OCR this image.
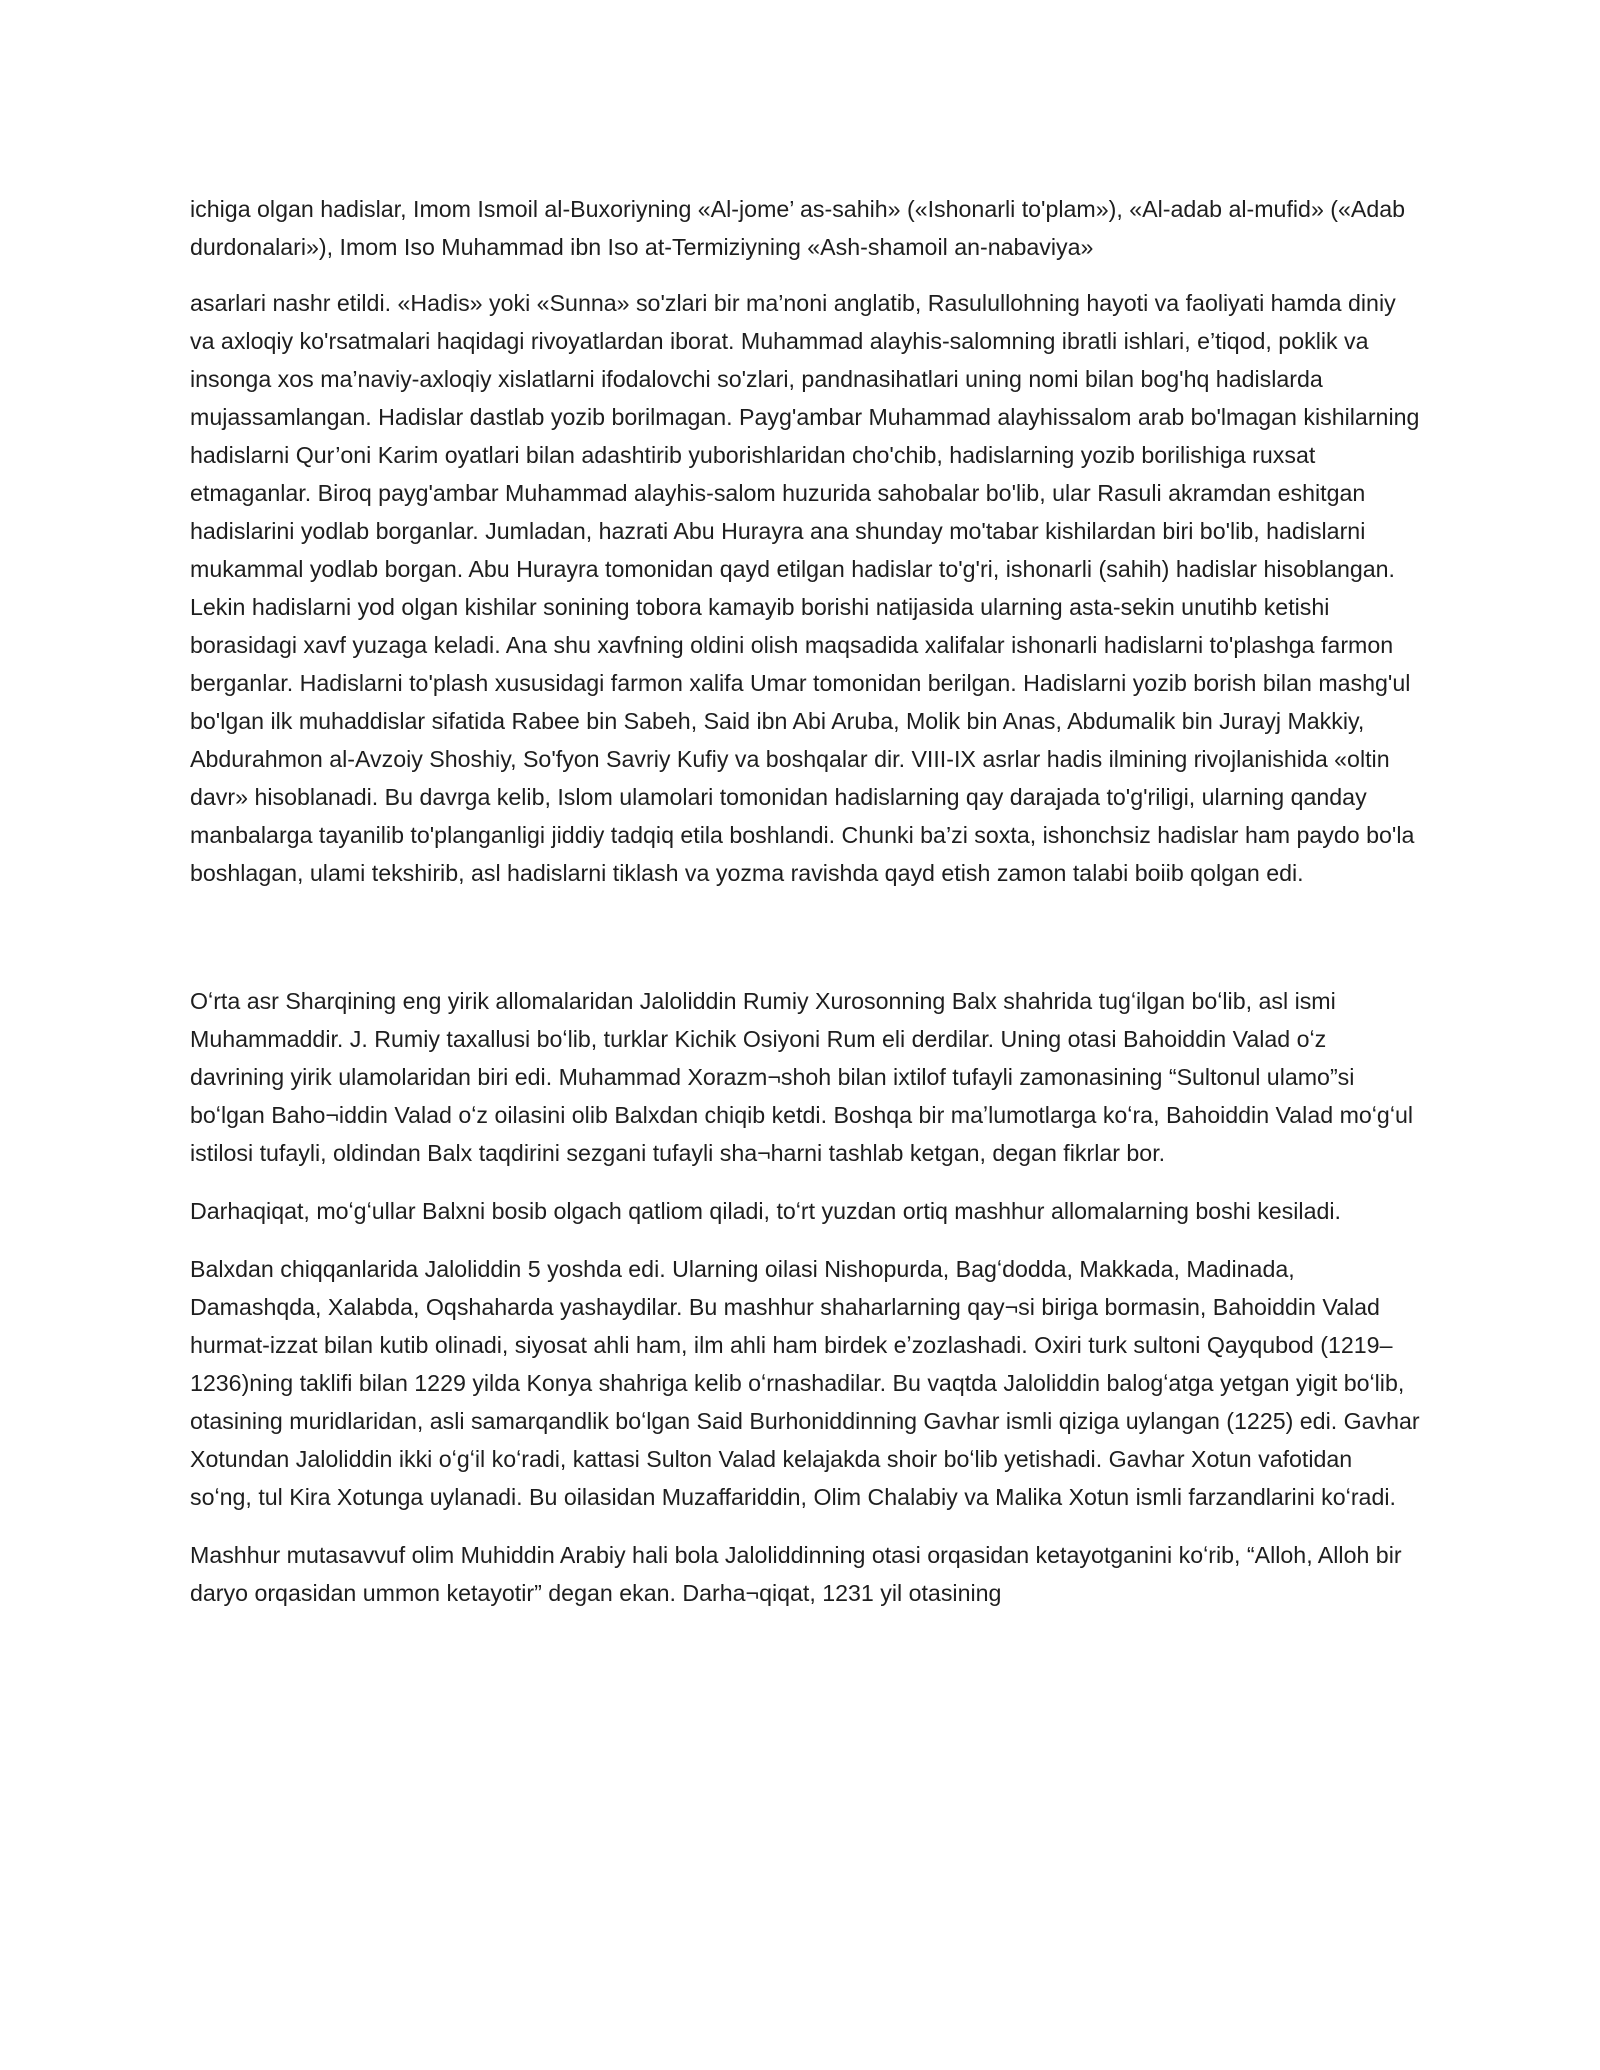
ichiga olgan hadislar, Imom Ismoil al-Buxoriyning «Al-jome’ as-sahih» («Ishonarli to'plam»), «Al-adab al-mufid» («Adab durdonalari»), Imom Iso Muhammad ibn Iso at-Termiziyning «Ash-shamoil an-nabaviya»

asarlari nashr etildi. «Hadis» yoki «Sunna» so'zlari bir ma’noni anglatib, Rasulullohning hayoti va faoliyati hamda diniy va axloqiy ko'rsatmalari haqidagi rivoyatlardan iborat. Muhammad alayhis-salomning ibratli ishlari, e’tiqod, poklik va insonga xos ma’naviy-axloqiy xislatlarni ifodalovchi so'zlari, pandnasihatlari uning nomi bilan bog'hq hadislarda mujassamlangan. Hadislar dastlab yozib borilmagan. Payg'ambar Muhammad alayhissalom arab bo'lmagan kishilarning hadislarni Qur’oni Karim oyatlari bilan adashtirib yuborishlaridan cho'chib, hadislarning yozib borilishiga ruxsat etmaganlar. Biroq payg'ambar Muhammad alayhis-salom huzurida sahobalar bo'lib, ular Rasuli akramdan eshitgan hadislarini yodlab borganlar. Jumladan, hazrati Abu Hurayra ana shunday mo'tabar kishilardan biri bo'lib, hadislarni mukammal yodlab borgan. Abu Hurayra tomonidan qayd etilgan hadislar to'g'ri, ishonarli (sahih) hadislar hisoblangan. Lekin hadislarni yod olgan kishilar sonining tobora kamayib borishi natijasida ularning asta-sekin unutihb ketishi borasidagi xavf yuzaga keladi. Ana shu xavfning oldini olish maqsadida xalifalar ishonarli hadislarni to'plashga farmon berganlar. Hadislarni to'plash xususidagi farmon xalifa Umar tomonidan berilgan. Hadislarni yozib borish bilan mashg'ul bo'lgan ilk muhaddislar sifatida Rabee bin Sabeh, Said ibn Abi Aruba, Molik bin Anas, Abdumalik bin Jurayj Makkiy, Abdurahmon al-Avzoiy Shoshiy, So'fyon Savriy Kufiy va boshqalar dir. VIII-IX asrlar hadis ilmining rivojlanishida «oltin davr» hisoblanadi. Bu davrga kelib, Islom ulamolari tomonidan hadislarning qay darajada to'g'riligi, ularning qanday manbalarga tayanilib to'planganligi jiddiy tadqiq etila boshlandi. Chunki ba’zi soxta, ishonchsiz hadislar ham paydo bo'la boshlagan, ulami tekshirib, asl hadislarni tiklash va yozma ravishda qayd etish zamon talabi boiib qolgan edi.

Oʻrta asr Sharqining eng yirik allomalaridan Jaloliddin Rumiy Xurosonning Balx shahrida tugʻilgan boʻlib, asl ismi Muhammaddir. J. Rumiy taxallusi boʻlib, turklar Kichik Osiyoni Rum eli derdilar. Uning otasi Bahoiddin Valad oʻz davrining yirik ulamolaridan biri edi. Muhammad Xorazm¬shoh bilan ixtilof tufayli zamonasining “Sultonul ulamo”si boʻlgan Baho¬iddin Valad oʻz oilasini olib Balxdan chiqib ketdi. Boshqa bir maʼlumotlarga koʻra, Bahoiddin Valad moʻgʻul istilosi tufayli, oldindan Balx taqdirini sezgani tufayli sha¬harni tashlab ketgan, degan fikrlar bor.

Darhaqiqat, moʻgʻullar Balxni bosib olgach qatliom qiladi, toʻrt yuzdan ortiq mashhur allomalarning boshi kesiladi.

Balxdan chiqqanlarida Jaloliddin 5 yoshda edi. Ularning oilasi Nishopurda, Bagʻdodda, Makkada, Madinada, Damashqda, Xalabda, Oqshaharda yashaydilar. Bu mashhur shaharlarning qay¬si biriga bormasin, Bahoiddin Valad hurmat-izzat bilan kutib olinadi, siyosat ahli ham, ilm ahli ham birdek eʼzozlashadi. Oxiri turk sultoni Qayqubod (1219–1236)ning taklifi bilan 1229 yilda Konya shahriga kelib oʻrnashadilar. Bu vaqtda Jaloliddin balogʻatga yetgan yigit boʻlib, otasining muridlaridan, asli samarqandlik boʻlgan Said Burhoniddinning Gavhar ismli qiziga uylangan (1225) edi. Gavhar Xotundan Jaloliddin ikki oʻgʻil koʻradi, kattasi Sulton Valad kelajakda shoir boʻlib yetishadi. Gavhar Xotun vafotidan soʻng, tul Kira Xotunga uylanadi. Bu oilasidan Muzaffariddin, Olim Chalabiy va Malika Xotun ismli farzandlarini koʻradi.

Mashhur mutasavvuf olim Muhiddin Arabiy hali bola Jaloliddinning otasi orqasidan ketayotganini koʻrib, “Alloh, Alloh bir daryo orqasidan ummon ketayotir” degan ekan. Darha¬qiqat, 1231 yil otasining
